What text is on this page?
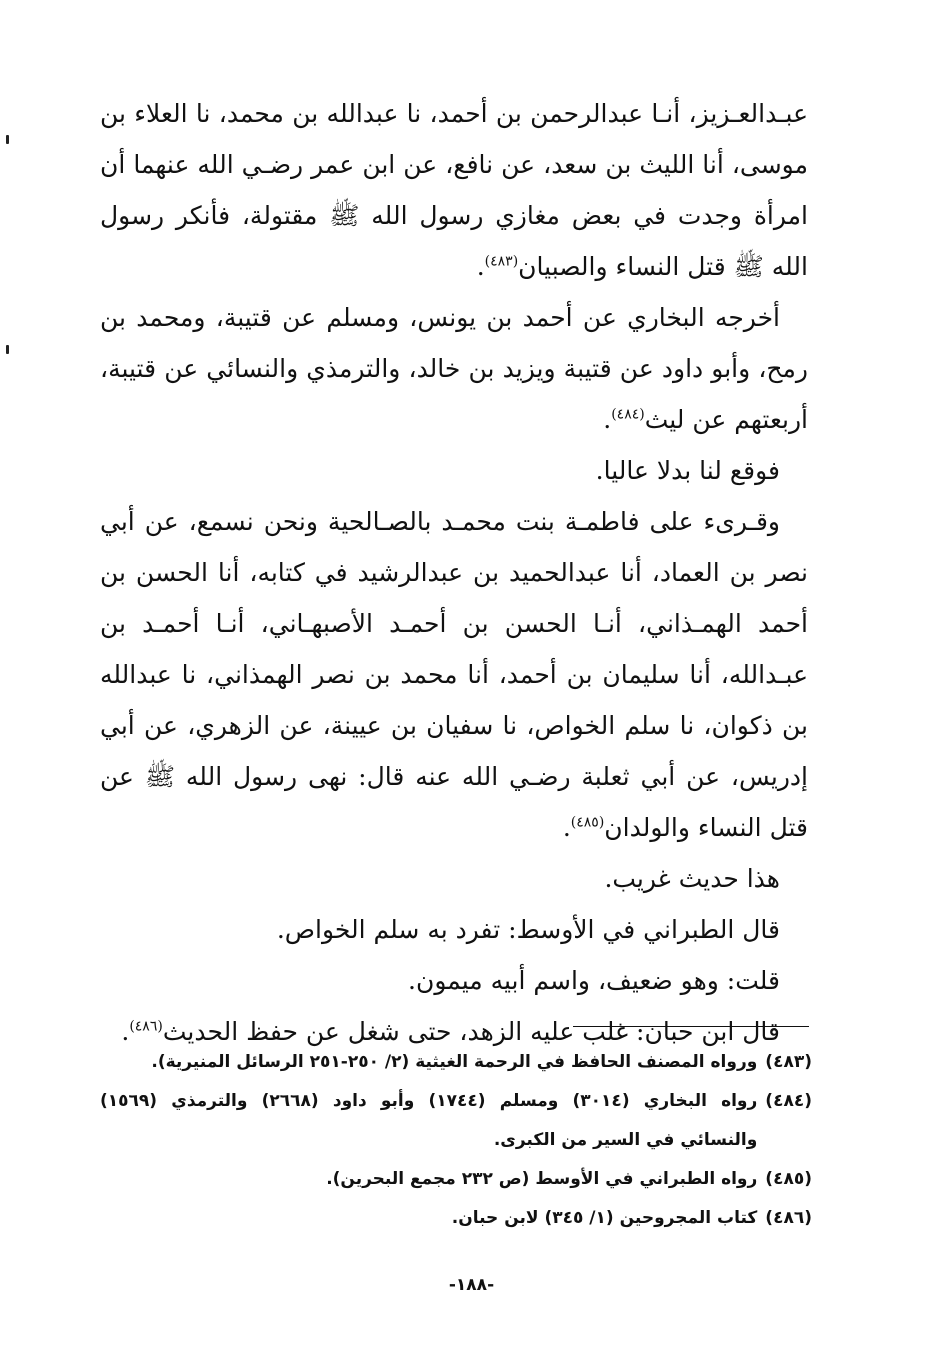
عبـدالعـزيز، أنـا عبدالرحمن بن أحمد، نا عبدالله بن محمد، نا العلاء بن موسى، أنا الليث بن سعد، عن نافع، عن ابن عمر رضـي الله عنهما أن امرأة وجدت في بعض مغازي رسول الله ﷺ مقتولة، فأنكر رسول الله ﷺ قتل النساء والصبيان$^{(٤٨٣)}$.

أخرجه البخاري عن أحمد بن يونس، ومسلم عن قتيبة، ومحمد بن رمح، وأبو داود عن قتيبة ويزيد بن خالد، والترمذي والنسائي عن قتيبة، أربعتهم عن ليث$^{(٤٨٤)}$.

فوقع لنا بدلا عاليا.

وقـرىء على فاطمـة بنت محمـد بالصـالحية ونحن نسمع، عن أبي نصر بن العماد، أنا عبدالحميد بن عبدالرشيد في كتابه، أنا الحسن بن أحمد الهمـذاني، أنـا الحسن بن أحمـد الأصبهـاني، أنـا أحمـد بن عبـدالله، أنا سليمان بن أحمد، أنا محمد بن نصر الهمذاني، نا عبدالله بن ذكوان، نا سلم الخواص، نا سفيان بن عيينة، عن الزهري، عن أبي إدريس، عن أبي ثعلبة رضـي الله عنه قال: نهى رسول الله ﷺ عن قتل النساء والولدان$^{(٤٨٥)}$.

هذا حديث غريب.

قال الطبراني في الأوسط: تفرد به سلم الخواص.

قلت: وهو ضعيف، واسم أبيه ميمون.

قال ابن حبان: غلب عليه الزهد، حتى شغل عن حفظ الحديث$^{(٤٨٦)}$.

(٤٨٣)
ورواه المصنف الحافظ في الرحمة الغيثية (٢/ ٢٥٠-٢٥١ الرسائل المنيرية).
(٤٨٤)
رواه البخاري (٣٠١٤) ومسلم (١٧٤٤) وأبو داود (٢٦٦٨) والترمذي (١٥٦٩) والنسائي في السير من الكبرى.
(٤٨٥)
رواه الطبراني في الأوسط (ص ٢٣٢ مجمع البحرين).
(٤٨٦)
كتاب المجروحين (١/ ٣٤٥) لابن حبان.
-١٨٨-
